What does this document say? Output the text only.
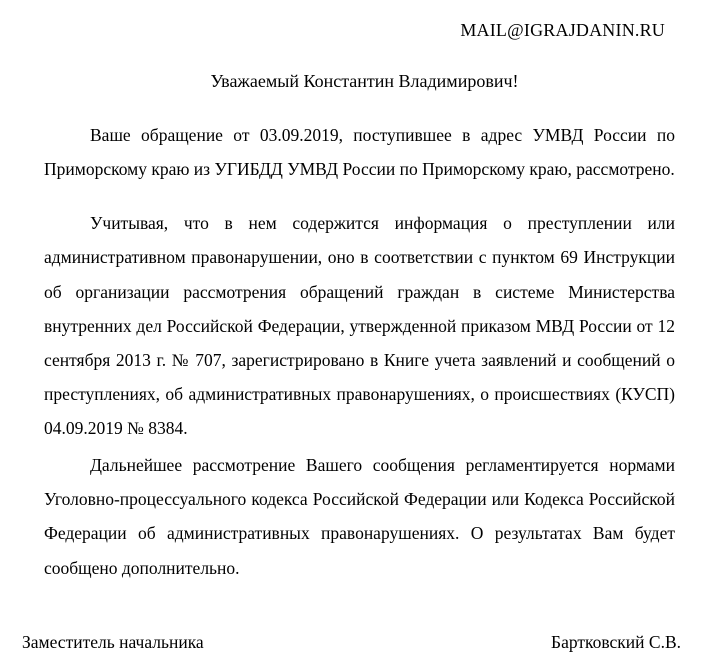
MAIL@IGRAJDANIN.RU
Уважаемый Константин Владимирович!

Ваше обращение от 03.09.2019, поступившее в адрес УМВД России по Приморскому краю из УГИБДД УМВД России по Приморскому краю, рассмотрено.

Учитывая, что в нем содержится информация о преступлении или административном правонарушении, оно в соответствии с пунктом 69 Инструкции об организации рассмотрения обращений граждан в системе Министерства внутренних дел Российской Федерации, утвержденной приказом МВД России от 12 сентября 2013 г. № 707, зарегистрировано в Книге учета заявлений и сообщений о преступлениях, об административных правонарушениях, о происшествиях (КУСП) 04.09.2019 № 8384.

Дальнейшее рассмотрение Вашего сообщения регламентируется нормами Уголовно-процессуального кодекса Российской Федерации или Кодекса Российской Федерации об административных правонарушениях. О результатах Вам будет сообщено дополнительно.

Заместитель начальника	Бартковский С.В.
